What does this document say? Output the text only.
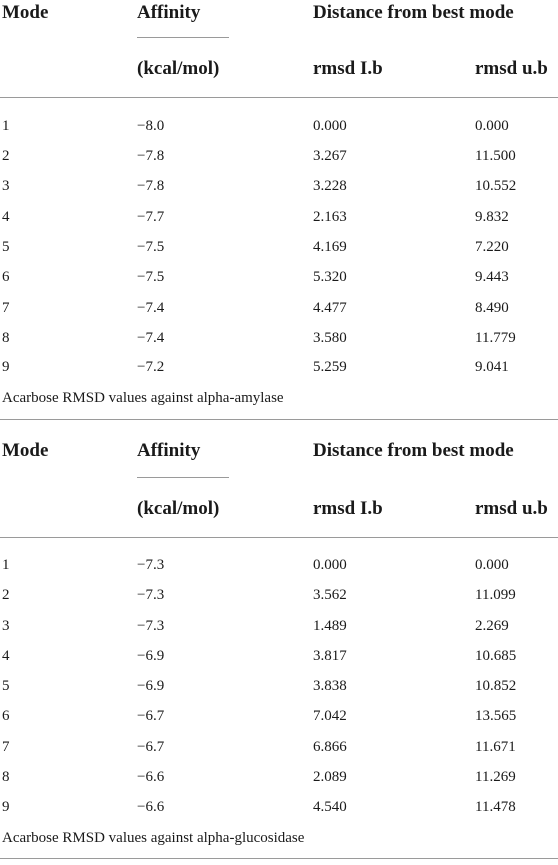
Mode	Affinity	Distance from best mode
(kcal/mol)	rmsd I.b	rmsd u.b
1	−8.0	0.000	0.000
2	−7.8	3.267	11.500
3	−7.8	3.228	10.552
4	−7.7	2.163	9.832
5	−7.5	4.169	7.220
6	−7.5	5.320	9.443
7	−7.4	4.477	8.490
8	−7.4	3.580	11.779
9	−7.2	5.259	9.041
Acarbose RMSD values against alpha-amylase
Mode	Affinity	Distance from best mode
(kcal/mol)	rmsd I.b	rmsd u.b
1	−7.3	0.000	0.000
2	−7.3	3.562	11.099
3	−7.3	1.489	2.269
4	−6.9	3.817	10.685
5	−6.9	3.838	10.852
6	−6.7	7.042	13.565
7	−6.7	6.866	11.671
8	−6.6	2.089	11.269
9	−6.6	4.540	11.478
Acarbose RMSD values against alpha-glucosidase
